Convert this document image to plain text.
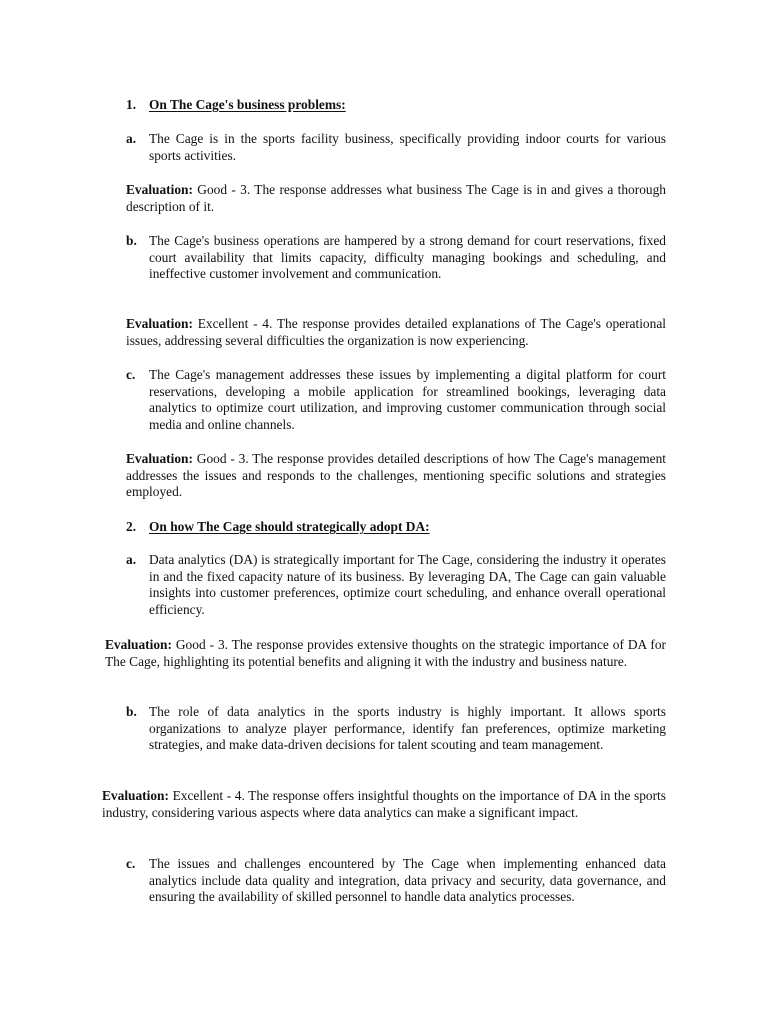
1. On The Cage's business problems:
a. The Cage is in the sports facility business, specifically providing indoor courts for various sports activities.

Evaluation: Good - 3. The response addresses what business The Cage is in and gives a thorough description of it.

b. The Cage's business operations are hampered by a strong demand for court reservations, fixed court availability that limits capacity, difficulty managing bookings and scheduling, and ineffective customer involvement and communication.

Evaluation: Excellent - 4. The response provides detailed explanations of The Cage's operational issues, addressing several difficulties the organization is now experiencing.

c. The Cage's management addresses these issues by implementing a digital platform for court reservations, developing a mobile application for streamlined bookings, leveraging data analytics to optimize court utilization, and improving customer communication through social media and online channels.

Evaluation: Good - 3. The response provides detailed descriptions of how The Cage's management addresses the issues and responds to the challenges, mentioning specific solutions and strategies employed.

2. On how The Cage should strategically adopt DA:
a. Data analytics (DA) is strategically important for The Cage, considering the industry it operates in and the fixed capacity nature of its business. By leveraging DA, The Cage can gain valuable insights into customer preferences, optimize court scheduling, and enhance overall operational efficiency.

Evaluation: Good - 3. The response provides extensive thoughts on the strategic importance of DA for The Cage, highlighting its potential benefits and aligning it with the industry and business nature.

b. The role of data analytics in the sports industry is highly important. It allows sports organizations to analyze player performance, identify fan preferences, optimize marketing strategies, and make data-driven decisions for talent scouting and team management.

Evaluation: Excellent - 4. The response offers insightful thoughts on the importance of DA in the sports industry, considering various aspects where data analytics can make a significant impact.

c. The issues and challenges encountered by The Cage when implementing enhanced data analytics include data quality and integration, data privacy and security, data governance, and ensuring the availability of skilled personnel to handle data analytics processes.
